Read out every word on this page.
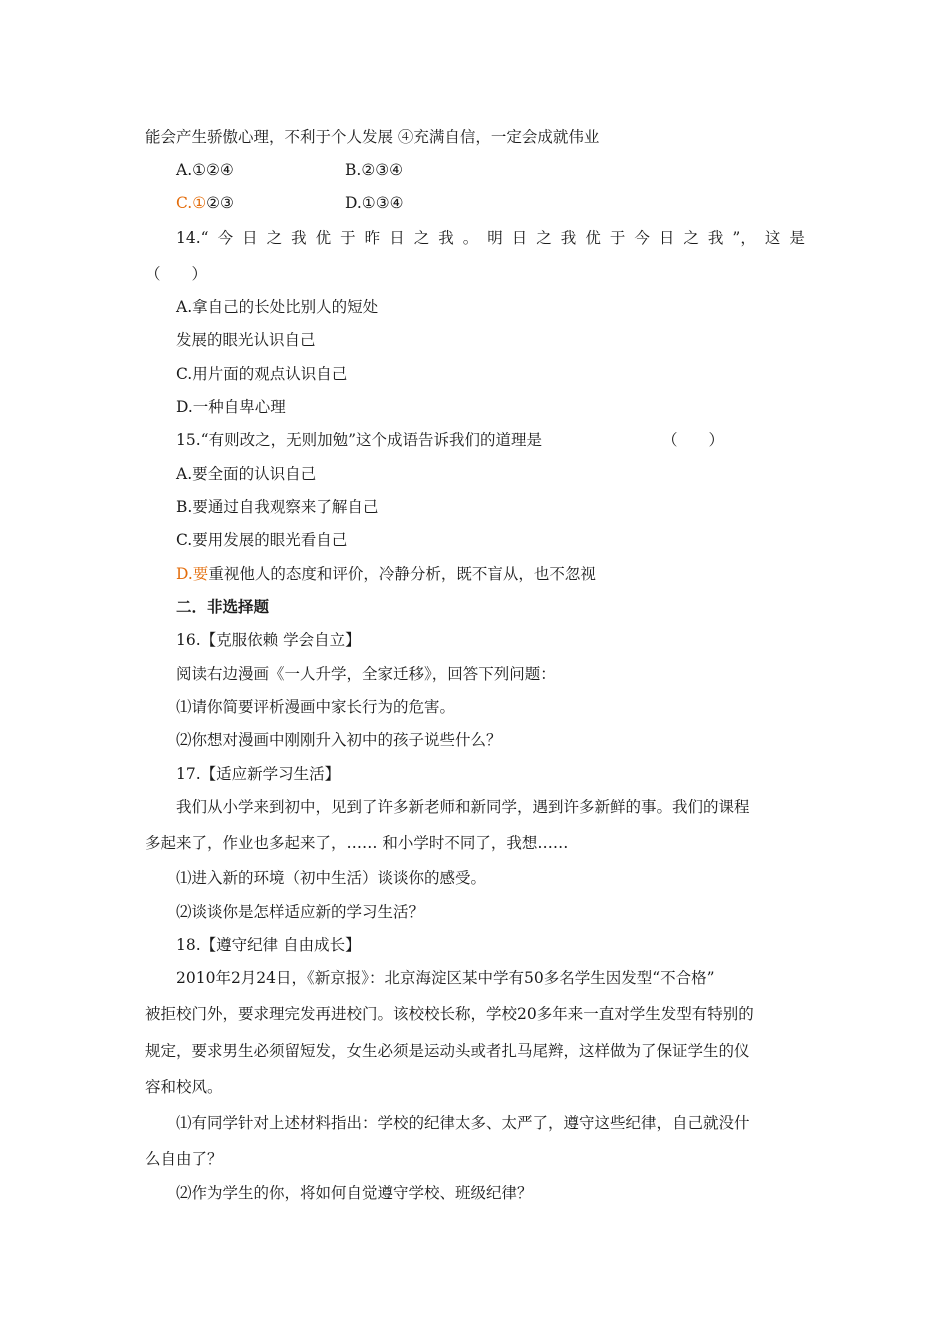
能会产生骄傲心理，不利于个人发展 ④充满自信，一定会成就伟业
A.①②④	B.②③④
C.①②③	D.①③④
14.“ 今 日 之 我 优 于 昨 日 之 我 。 明 日 之 我 优 于 今 日 之 我 ”， 这 是
（　　）
A.拿自己的长处比别人的短处
发展的眼光认识自己
C.用片面的观点认识自己
D.一种自卑心理
15.“有则改之，无则加勉”这个成语告诉我们的道理是	（　　）
A.要全面的认识自己
B.要通过自我观察来了解自己
C.要用发展的眼光看自己
D.要重视他人的态度和评价，冷静分析，既不盲从，也不忽视
二．非选择题
16.【克服依赖 学会自立】
阅读右边漫画《一人升学，全家迁移》，回答下列问题：
⑴请你简要评析漫画中家长行为的危害。
⑵你想对漫画中刚刚升入初中的孩子说些什么？
17.【适应新学习生活】
我们从小学来到初中，见到了许多新老师和新同学，遇到许多新鲜的事。我们的课程
多起来了，作业也多起来了，…… 和小学时不同了，我想……
⑴进入新的环境（初中生活）谈谈你的感受。
⑵谈谈你是怎样适应新的学习生活？
18.【遵守纪律 自由成长】
2010年2月24日，《新京报》：北京海淀区某中学有50多名学生因发型“不合格”
被拒校门外，要求理完发再进校门。该校校长称，学校20多年来一直对学生发型有特别的
规定，要求男生必须留短发，女生必须是运动头或者扎马尾辫，这样做为了保证学生的仪
容和校风。
⑴有同学针对上述材料指出：学校的纪律太多、太严了，遵守这些纪律，自己就没什
么自由了？
⑵作为学生的你，将如何自觉遵守学校、班级纪律？
